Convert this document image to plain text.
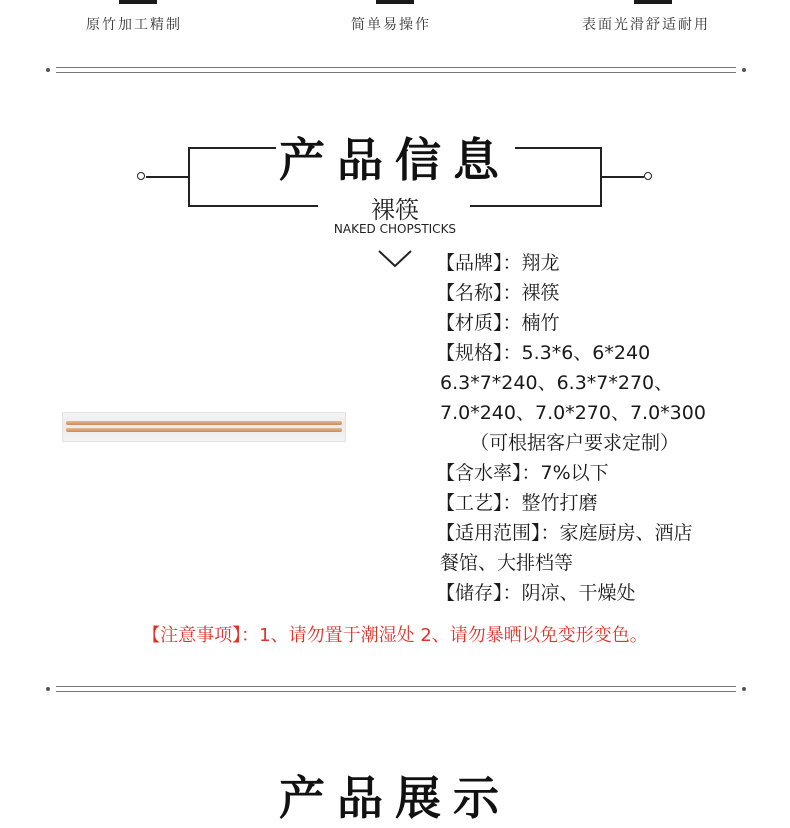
原竹加工精制	简单易操作	表面光滑舒适耐用
产品信息
裸筷
NAKED CHOPSTICKS
【品牌】：翔龙
【名称】：裸筷
【材质】：楠竹
【规格】：5.3*6、6*240
6.3*7*240、6.3*7*270、
7.0*240、7.0*270、7.0*300
（可根据客户要求定制）
【含水率】：7%以下
【工艺】：整竹打磨
【适用范围】：家庭厨房、酒店
餐馆、大排档等
【储存】：阴凉、干燥处
【注意事项】：1、请勿置于潮湿处 2、请勿暴晒以免变形变色。
产品展示
